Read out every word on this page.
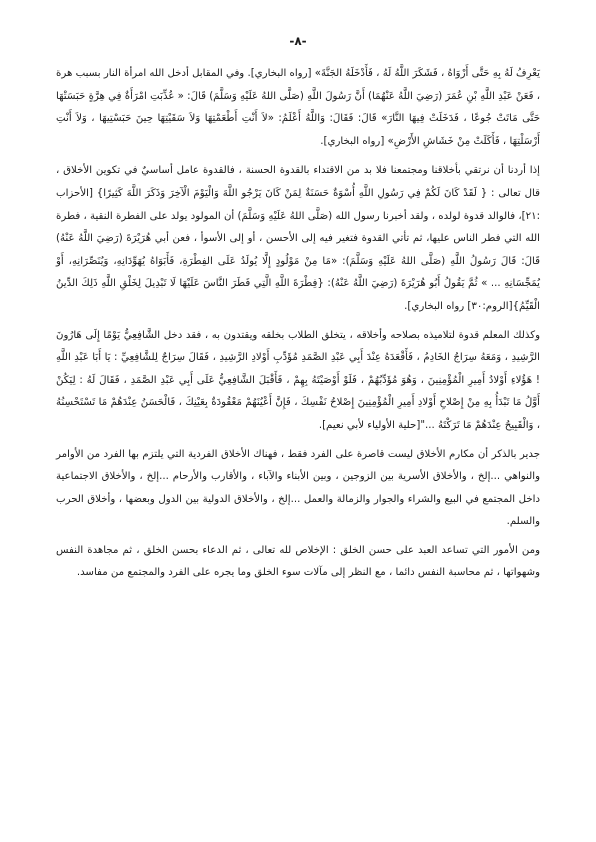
-٨-

يَعْرِفُ لَهُ بِهِ حَتَّى أَرْوَاهُ ، فَشَكَرَ اللَّهُ لَهُ ، فَأَدْخَلَهُ الجَنَّةَ» [رواه البخاري]. وفي المقابل أدخل الله امرأة النار بسبب هرة ، فَعَنْ عَبْدِ اللَّهِ بْنِ عُمَرَ (رَضِيَ اللَّهُ عَنْهُمَا) أَنَّ رَسُولَ اللَّهِ (صَلَّى اللهُ عَلَيْهِ وَسَلَّمَ) قَالَ: « عُذِّبَتِ امْرَأَةٌ فِي هِرَّةٍ حَبَسَتْهَا حَتَّى مَاتَتْ جُوعًا ، فَدَخَلَتْ فِيهَا النَّارَ» قَالَ: فَقَالَ: وَاللَّهُ أَعْلَمُ: «لاَ أَنْتِ أَطْعَمْتِهَا وَلاَ سَقَيْتِهَا حِينَ حَبَسْتِيهَا ، وَلاَ أَنْتِ أَرْسَلْتِهَا ، فَأَكَلَتْ مِنْ خَشَاشِ الأَرْضِ» [رواه البخاري].

إذا أردنا أن نرتقي بأخلاقنا ومجتمعنا فلا بد من الاقتداء بالقدوة الحسنة ، فالقدوة عامل أساسيٌ في تكوين الأخلاق ، قال تعالى : { لَقَدْ كَانَ لَكُمْ فِي رَسُولِ اللَّهِ أُسْوَةٌ حَسَنَةٌ لِمَنْ كَانَ يَرْجُو اللَّهَ وَالْيَوْمَ الْآخِرَ وَذَكَرَ اللَّهَ كَثِيرًا} [الأحزاب :٢١]، فالوالد قدوة لولده ، ولقد أخبرنا رسول الله (صَلَّى اللهُ عَلَيْهِ وَسَلَّمَ) أن المولود يولد على الفطرة النقية ، فطرة الله التي فطر الناس عليها، ثم تأتي القدوة فتغير فيه إلى الأحسن ، أو إلى الأسوأ ، فعن أبي هُرَيْرَةَ (رَضِيَ اللَّهُ عَنْهُ) قَالَ: قَالَ رَسُولُ اللَّهِ (صَلَّى اللهُ عَلَيْهِ وَسَلَّمَ): «مَا مِنْ مَوْلُودٍ إِلَّا يُولَدُ عَلَى الفِطْرَةِ، فَأَبَوَاهُ يُهَوِّدَانِهِ، وَيُنَصِّرَانِهِ، أَوْ يُمَجِّسَانِهِ ... » ثُمَّ يَقُولُ أَبُو هُرَيْرَةَ (رَضِيَ اللَّهُ عَنْهُ): {فِطْرَةَ اللَّهِ الَّتِي فَطَرَ النَّاسَ عَلَيْهَا لَا تَبْدِيلَ لِخَلْقِ اللَّهِ ذَلِكَ الدِّينُ الْقَيِّمُ}[الروم:٣٠] رواه البخاري].

وكذلك المعلم قدوة لتلاميذه بصلاحه وأخلاقه ، يتخلق الطلاب بخلقه ويقتدون به ، فقد دخل الشَّافِعِيُّ يَوْمًا إِلَى هَارُونَ الرَّشِيدِ ، وَمَعَهُ سِرَاجُ الخَادِمُ ، فَأَقْعَدَهُ عِنْدَ أَبِي عَبْدِ الصَّمَدِ مُؤَدِّبِ أَوْلادِ الرَّشِيدِ ، فَقَالَ سِرَاجٌ لِلشَّافِعِيِّ : يَا أَبَا عَبْدِ اللَّهِ ! هَؤُلاءِ أَوْلادُ أَمِيرِ الْمُؤْمِنِينَ ، وَهُوَ مُؤَدِّبُهُمْ ، فَلَوْ أَوْصَيْتَهُ بِهِمْ ، فَأَقْبَلَ الشَّافِعِيُّ عَلَى أَبِي عَبْدِ الصَّمَدِ ، فَقَالَ لَهُ : لِيَكُنْ أَوَّلُ مَا تَبْدَأُ بِهِ مِنْ إِصْلاحِ أَوْلادِ أَمِيرِ الْمُؤْمِنِينَ إِصْلاحُ نَفْسِكَ ، فَإِنَّ أَعْيُنَهُمْ مَعْقُودَةٌ بِعَيْنِكَ ، فَالْحَسَنُ عِنْدَهُمْ مَا تَسْتَحْسِنُهُ ، وَالْقَبِيحُ عِنْدَهُمْ مَا تَرَكْتَهُ ..."[حلية الأولياء لأبي نعيم].

جدير بالذكر أن مكارم الأخلاق ليست قاصرة على الفرد فقط ، فهناك الأخلاق الفردية التي يلتزم بها الفرد من الأوامر والنواهي ...إلخ ، والأخلاق الأسرية بين الزوجين ، وبين الأبناء والآباء ، والأقارب والأرحام ...إلخ ، والأخلاق الاجتماعية داخل المجتمع في البيع والشراء والجوار والزمالة والعمل ...إلخ ، والأخلاق الدولية بين الدول وبعضها ، وأخلاق الحرب والسلم.

ومن الأمور التي تساعد العبد على حسن الخلق : الإخلاص لله تعالى ، ثم الدعاء بحسن الخلق ، ثم مجاهدة النفس وشهواتها ، ثم محاسبة النفس دائما ، مع النظر إلى مآلات سوء الخلق وما يجره على الفرد والمجتمع من مفاسد.
